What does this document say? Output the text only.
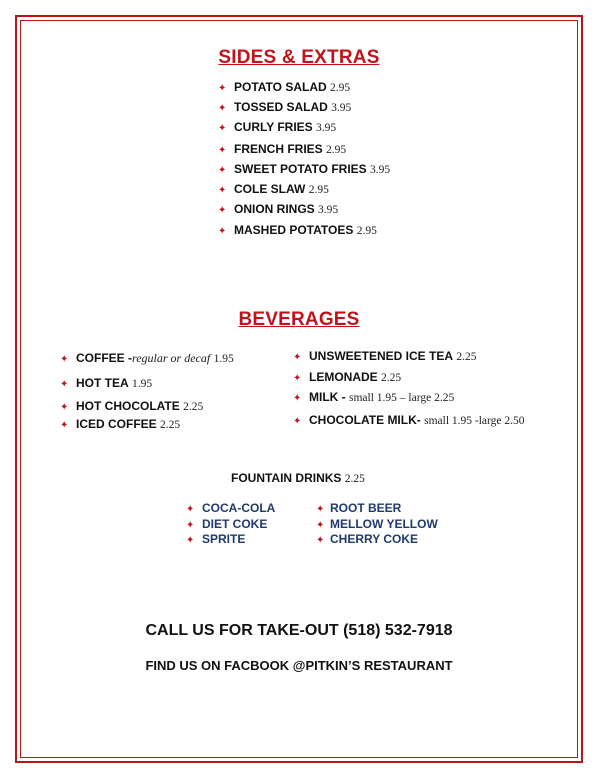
SIDES & EXTRAS
✦ POTATO SALAD 2.95
✦ TOSSED SALAD 3.95
✦ CURLY FRIES 3.95
✦ FRENCH FRIES 2.95
✦ SWEET POTATO FRIES 3.95
✦ COLE SLAW 2.95
✦ ONION RINGS 3.95
✦ MASHED POTATOES 2.95
BEVERAGES
✦ COFFEE -regular or decaf 1.95
✦ HOT TEA 1.95
✦ HOT CHOCOLATE 2.25
✦ ICED COFFEE 2.25
✦ UNSWEETENED ICE TEA 2.25
✦ LEMONADE 2.25
✦ MILK - small 1.95 – large 2.25
✦ CHOCOLATE MILK- small 1.95 -large 2.50
FOUNTAIN DRINKS 2.25
✦ COCA-COLA
✦ DIET COKE
✦ SPRITE
✦ ROOT BEER
✦ MELLOW YELLOW
✦ CHERRY COKE
CALL US FOR TAKE-OUT (518) 532-7918
FIND US ON FACBOOK @PITKIN’S RESTAURANT
